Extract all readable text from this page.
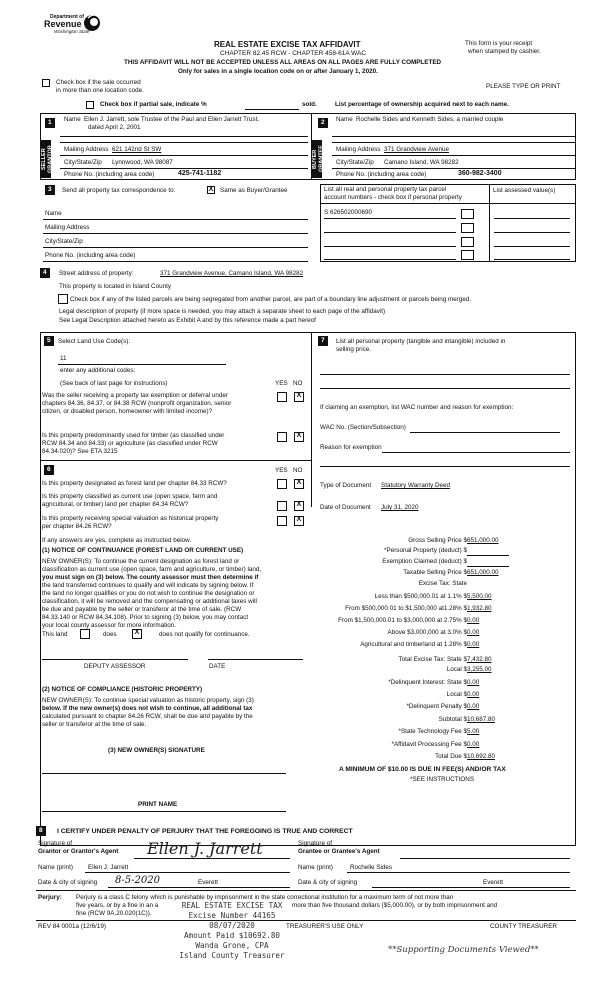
Department of
Revenue
Washington State
REAL ESTATE EXCISE TAX AFFIDAVIT
CHAPTER 82.45 RCW - CHAPTER 458-61A WAC
THIS AFFIDAVIT WILL NOT BE ACCEPTED UNLESS ALL AREAS ON ALL PAGES ARE FULLY COMPLETED
Only for sales in a single location code on or after January 1, 2020.
This form is your receipt
when stamped by cashier.
Check box if the sale occurred
in more than one location code.
PLEASE TYPE OR PRINT
Check box if partial sale, indicate %	sold.	List percentage of ownership acquired next to each name.
1
SELLER GRANTOR
Name Ellen J. Jarrett, sole Trustee of the Paul and Ellen Jarrett Trust,
dated April 2, 2001
Mailing Address 621 142nd St SW
City/State/Zip Lynnwood, WA 98087
Phone No. (including area code)	425-741-1182
2
BUYER GRANTEE
Name Rochelle Sides and Kenneth Sides, a married couple
Mailing Address 371 Grandview Avenue
City/State/Zip Camano Island, WA 98282
Phone No. (including area code)	360-982-3400
3	Send all property tax correspondence to:	X Same as Buyer/Grantee
Name
Mailing Address
City/State/Zip
Phone No. (including area code)
List all real and personal property tax parcel
account numbers - check box if personal property
List assessed value(s)
S 626502000690
4	Street address of property:	371 Grandview Avenue, Camano Island, WA 98282
This property is located in Island County
Check box if any of the listed parcels are being segregated from another parcel, are part of a boundary line adjustment or parcels being merged.
Legal description of property (if more space is needed, you may attach a separate sheet to each page of the affidavit)
See Legal Description attached hereto as Exhibit A and by this reference made a part hereof
5	Select Land Use Code(s):
11
enter any additional codes:
(See back of last page for instructions)	YES NO
Was the seller receiving a property tax exemption or deferral under
chapters 84.36, 84.37, or 84.38 RCW (nonprofit organization, senior
citizen, or disabled person, homeowner with limited income)?
X
Is this property predominantly used for timber (as classified under
RCW 84.34 and 84.33) or agriculture (as classified under RCW
84.34.020)? See ETA 3215
X
6	YES NO
Is this property designated as forest land per chapter 84.33 RCW?	X
Is this property classified as current use (open space, farm and
agricultural, or timber) land per chapter 84.34 RCW?	X
Is this property receiving special valuation as historical property
per chapter 84.26 RCW?
X
If any answers are yes, complete as instructed below.
(1) NOTICE OF CONTINUANCE (FOREST LAND OR CURRENT USE)
NEW OWNER(S): To continue the current designation as forest land or
classification as current use (open space, farm and agriculture, or timber) land,
you must sign on (3) below. The county assessor must then determine if
the land transferred continues to qualify and will indicate by signing below. If
the land no longer qualifies or you do not wish to continue the designation or
classification, it will be removed and the compensating or additional taxes will
be due and payable by the seller or transferor at the time of sale. (RCW
84.33.140 or RCW 84.34.108). Prior to signing (3) below, you may contact
your local county assessor for more information.
This land	does	X	does not qualify for continuance.
DEPUTY ASSESSOR	DATE
(2) NOTICE OF COMPLIANCE (HISTORIC PROPERTY)
NEW OWNER(S): To continue special valuation as historic property, sign (3)
below. If the new owner(s) does not wish to continue, all additional tax
calculated pursuant to chapter 84.26 RCW, shall be due and payable by the
seller or transferor at the time of sale.
(3) NEW OWNER(S) SIGNATURE
PRINT NAME
7	List all personal property (tangible and intangible) included in
selling price.
If claiming an exemption, list WAC number and reason for exemption:
WAC No. (Section/Subsection)
Reason for exemption
Type of Document Statutory Warranty Deed
Date of Document July 31, 2020
Gross Selling Price $ 651,000.00
*Personal Property (deduct) $
Exemption Claimed (deduct) $
Taxable Selling Price $ 651,000.00
Excise Tax: State
Less than $500,000.01 at 1.1% $ 5,500.00
From $500,000.01 to $1,500,000 at1.28% $ 1,932.80
From $1,500,000.01 to $3,000,000 at 2.75% $ 0.00
Above $3,000,000 at 3.0% $ 0.00
Agricultural and timberland at 1.28% $ 0.00
Total Excise Tax: State $ 7,432.80
Local $ 3,255.00
*Delinquent Interest: State $ 0.00
Local $ 0.00
*Delinquent Penalty $ 0.00
Subtotal $ 10,687.80
*State Technology Fee $ 5.00
*Affidavit Processing Fee $ 0.00
Total Due $ 10,692.80
A MINIMUM OF $10.00 IS DUE IN FEE(S) AND/OR TAX
*SEE INSTRUCTIONS
8	I CERTIFY UNDER PENALTY OF PERJURY THAT THE FOREGOING IS TRUE AND CORRECT
Signature of
Grantor or Grantor's Agent Ellen J. Jarrett	Signature of
Grantee or Grantee's Agent
Name (print) Ellen J. Jarrett	Name (print)	Rochelle Sides
Date & city of signing 8-5-2020	Everett	Date & city of signing	Everett
Perjury: Perjury is a class C felony which is punishable by imprisonment in the state correctional institution for a maximum term of not more than
five years, or by a fine in an a	more than five thousand dollars ($5,000.00), or by both imprisonment and
fine (RCW 9A.20.020(1C)).
REV 84 0001a (12/6/19)	TREASURER'S USE ONLY	COUNTY TREASURER
REAL ESTATE EXCISE TAX
Excise Number 44165
08/07/2020
Amount Paid $10692.80
Wanda Grone, CPA
Island County Treasurer
**Supporting Documents Viewed**
